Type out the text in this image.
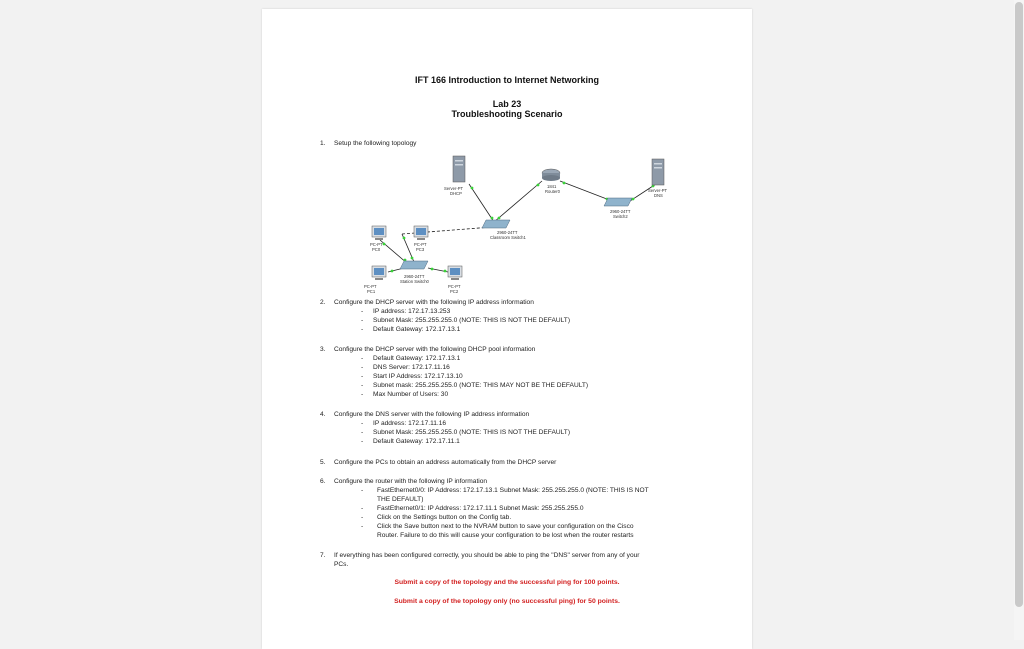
IFT 166 Introduction to Internet Networking
Lab 23
Troubleshooting Scenario
1. Setup the following topology
Server-PT
DHCP
1841
Router0	Server-PT
DNS
2960-24TT
Switch2
2960-24TT
Classroom Switch1
2960-24TT
Station Switch0
PC-PT
PC0
PC-PT
PC3
PC-PT
PC1
PC-PT
PC2
2. Configure the DHCP server with the following IP address information
- IP address: 172.17.13.253
- Subnet Mask: 255.255.255.0 (NOTE: THIS IS NOT THE DEFAULT)
- Default Gateway: 172.17.13.1
3. Configure the DHCP server with the following DHCP pool information
- Default Gateway: 172.17.13.1
- DNS Server: 172.17.11.16
- Start IP Address: 172.17.13.10
- Subnet mask: 255.255.255.0 (NOTE: THIS MAY NOT BE THE DEFAULT)
- Max Number of Users: 30
4. Configure the DNS server with the following IP address information
- IP address: 172.17.11.16
- Subnet Mask: 255.255.255.0 (NOTE: THIS IS NOT THE DEFAULT)
- Default Gateway: 172.17.11.1
5. Configure the PCs to obtain an address automatically from the DHCP server
6. Configure the router with the following IP information
- FastEthernet0/0: IP Address: 172.17.13.1 Subnet Mask: 255.255.255.0 (NOTE: THIS IS NOT
THE DEFAULT)
- FastEthernet0/1: IP Address: 172.17.11.1 Subnet Mask: 255.255.255.0
- Click on the Settings button on the Config tab.
- Click the Save button next to the NVRAM button to save your configuration on the Cisco
Router. Failure to do this will cause your configuration to be lost when the router restarts
7. If everything has been configured correctly, you should be able to ping the "DNS" server from any of your
PCs.
Submit a copy of the topology and the successful ping for 100 points.
Submit a copy of the topology only (no successful ping) for 50 points.
